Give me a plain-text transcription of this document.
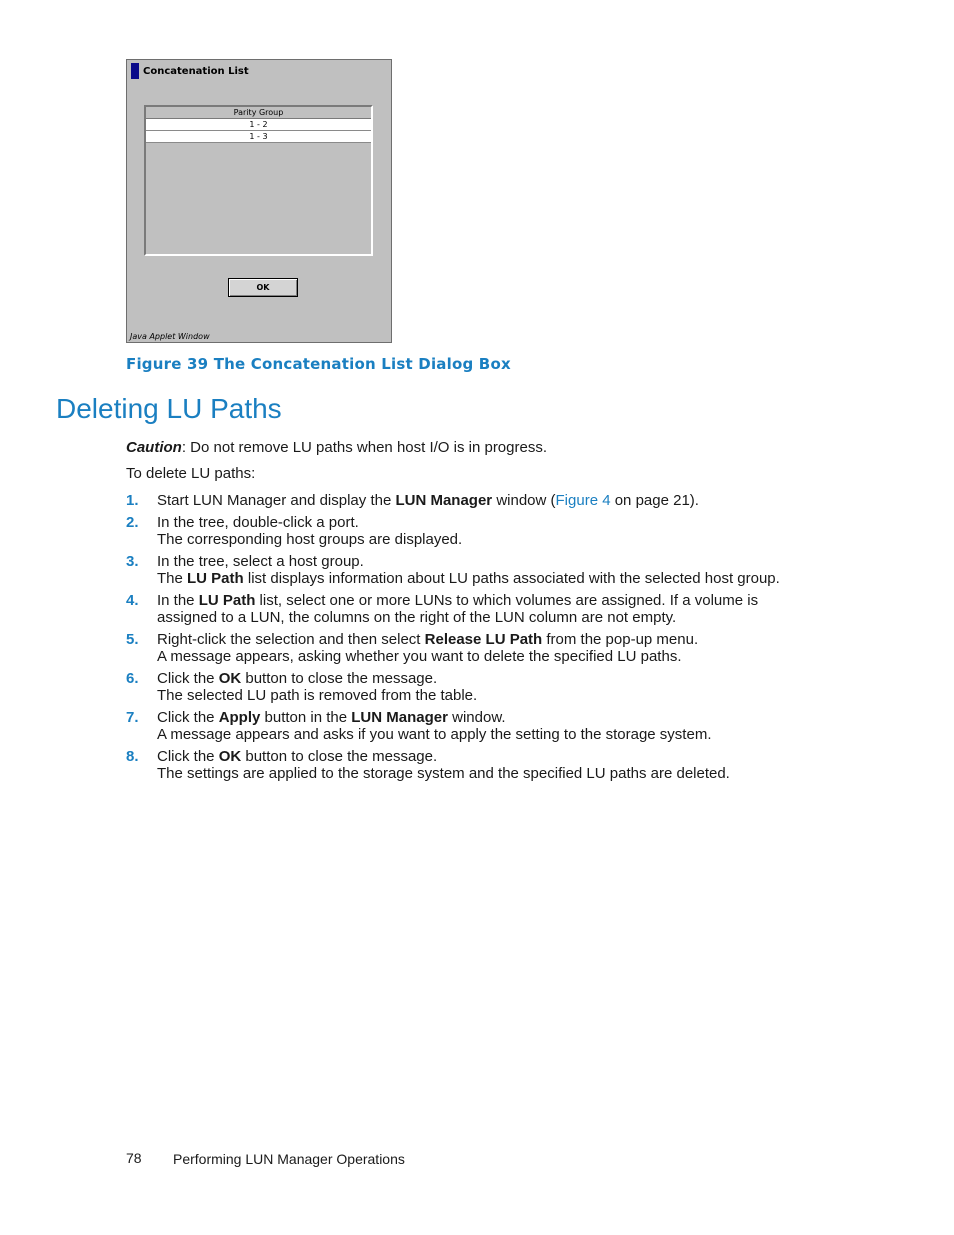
Concatenation List
Parity Group
1 - 2
1 - 3
OK
Java Applet Window
Figure 39 The Concatenation List Dialog Box
Deleting LU Paths
Caution: Do not remove LU paths when host I/O is in progress.
To delete LU paths:
1. Start LUN Manager and display the LUN Manager window (Figure 4 on page 21).
2. In the tree, double-click a port.
The corresponding host groups are displayed.
3. In the tree, select a host group.
The LU Path list displays information about LU paths associated with the selected host group.
4. In the LU Path list, select one or more LUNs to which volumes are assigned. If a volume is assigned to a LUN, the columns on the right of the LUN column are not empty.
5. Right-click the selection and then select Release LU Path from the pop-up menu.
A message appears, asking whether you want to delete the specified LU paths.
6. Click the OK button to close the message.
The selected LU path is removed from the table.
7. Click the Apply button in the LUN Manager window.
A message appears and asks if you want to apply the setting to the storage system.
8. Click the OK button to close the message.
The settings are applied to the storage system and the specified LU paths are deleted.
78 Performing LUN Manager Operations
